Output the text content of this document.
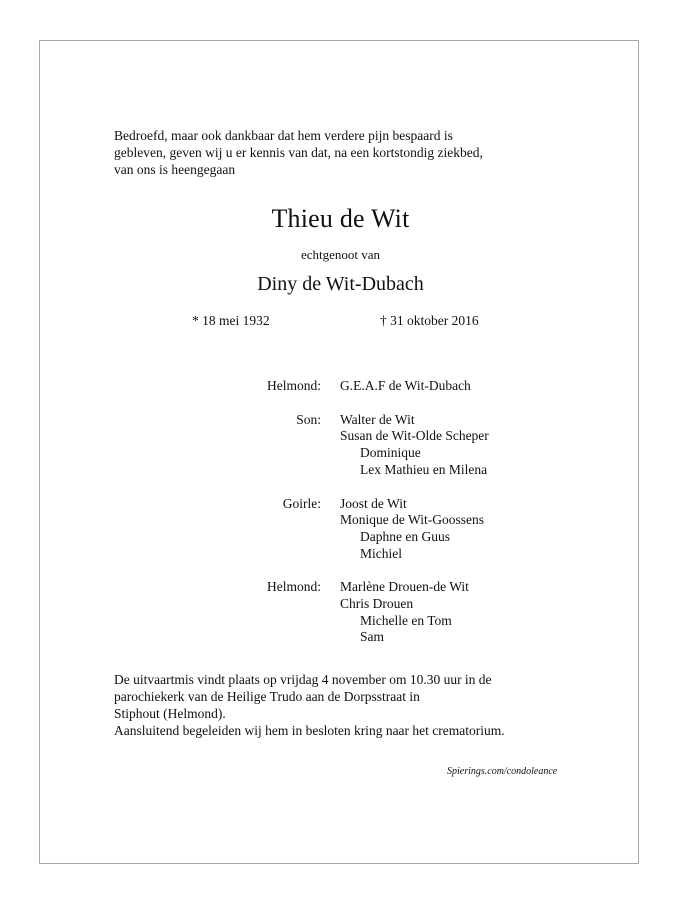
Bedroefd, maar ook dankbaar dat hem verdere pijn bespaard is
gebleven, geven wij u er kennis van dat, na een kortstondig ziekbed,
van ons is heengegaan
Thieu de Wit
echtgenoot van
Diny de Wit-Dubach
* 18 mei 1932	† 31 oktober 2016
Helmond: G.E.A.F de Wit-Dubach
Son: Walter de Wit
Susan de Wit-Olde Scheper
Dominique
Lex Mathieu en Milena
Goirle: Joost de Wit
Monique de Wit-Goossens
Daphne en Guus
Michiel
Helmond: Marlène Drouen-de Wit
Chris Drouen
Michelle en Tom
Sam
De uitvaartmis vindt plaats op vrijdag 4 november om 10.30 uur in de
parochiekerk van de Heilige Trudo aan de Dorpsstraat in
Stiphout (Helmond).
Aansluitend begeleiden wij hem in besloten kring naar het crematorium.
Spierings.com/condoleance
